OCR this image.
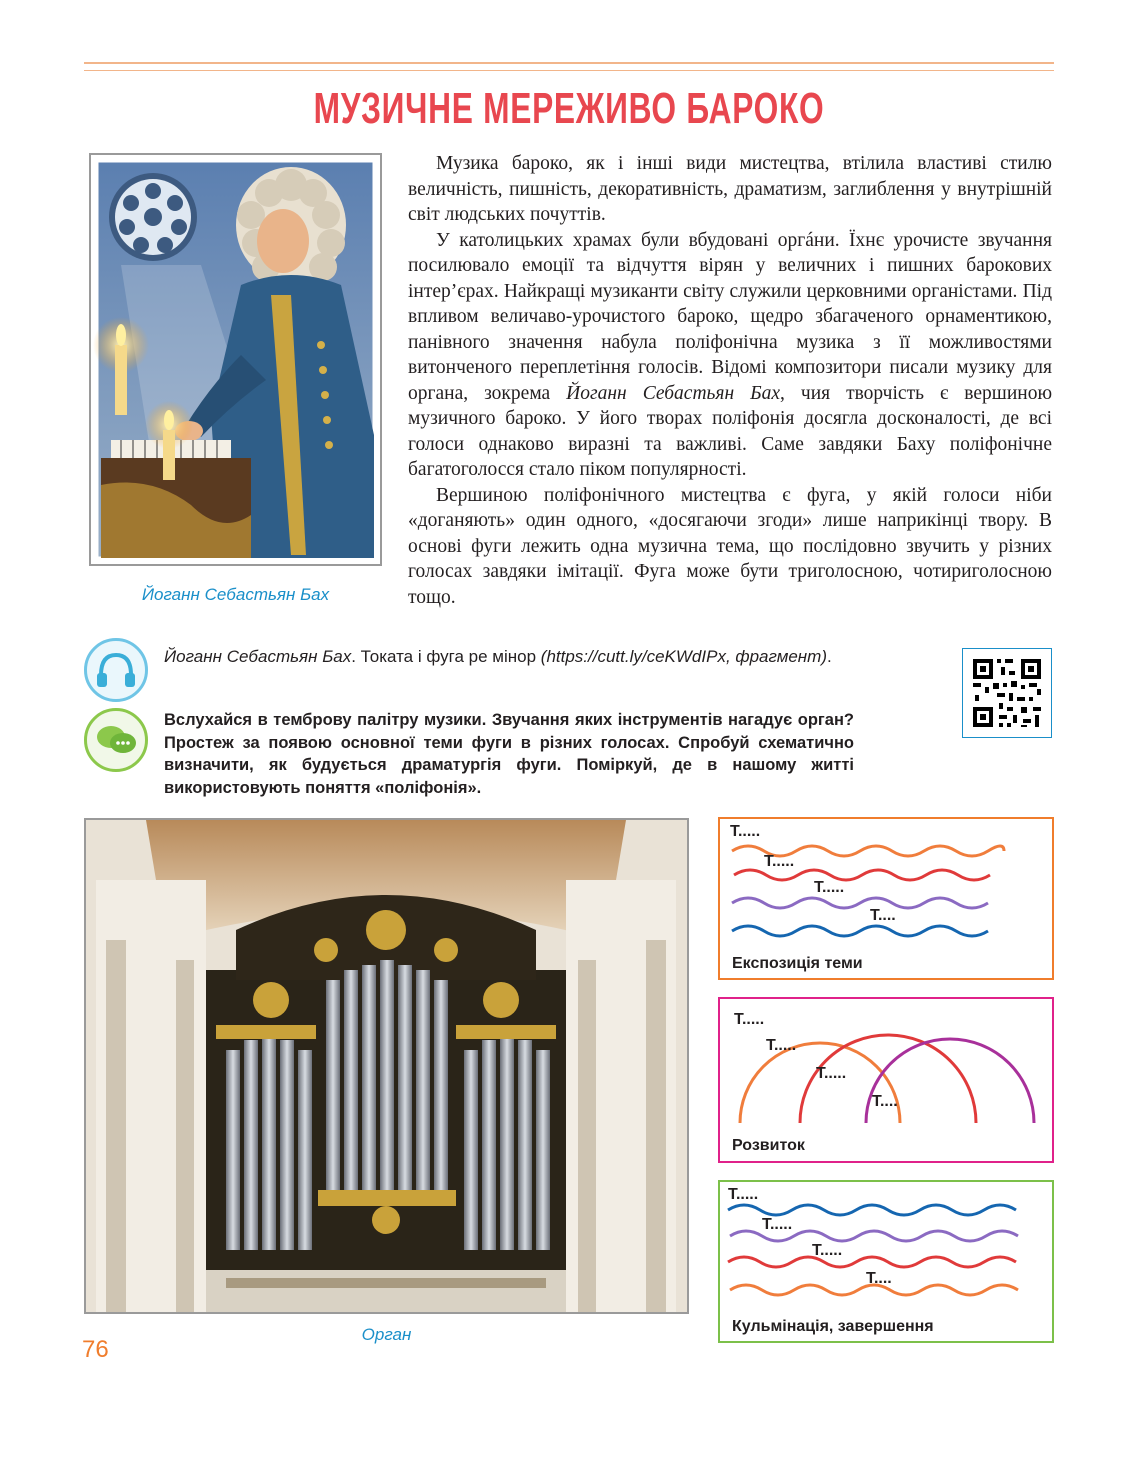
МУЗИЧНЕ МЕРЕЖИВО БАРОКО
Йоганн Себастьян Бах

Музика бароко, як і інші види мистецтва, втілила властиві стилю величність, пишність, декоративність, драматизм, заглиблення у внутрішній світ людських почуттів.

У католицьких храмах були вбудовані оргáни. Їхнє урочисте звучання посилювало емоції та відчуття вірян у величних і пишних барокових інтер’єрах. Найкращі музиканти світу служили церковними органістами. Під впливом величаво-урочистого бароко, щедро збагаченого орнаментикою, панівного значення набула поліфонічна музика з її можливостями витонченого переплетіння голосів. Відомі композитори писали музику для органа, зокрема Йоганн Себастьян Бах, чия творчість є вершиною музичного бароко. У його творах поліфонія досягла досконалості, де всі голоси однаково виразні та важливі. Саме завдяки Баху поліфонічне багатоголосся стало піком популярності.

Вершиною поліфонічного мистецтва є фуга, у якій голоси ніби «доганяють» один одного, «досягаючи згоди» лише наприкінці твору. В основі фуги лежить одна музична тема, що послідовно звучить у різних голосах завдяки імітації. Фуга може бути триголосною, чотириголосною тощо.

Йоганн Себастьян Бах. Токата і фуга ре мінор (https://cutt.ly/ceKWdIPx, фрагмент).
Вслухайся в темброву палітру музики. Звучання яких інструментів нагадує орган? Простеж за появою основної теми фуги в різних голосах. Спробуй схематично визначити, як будується драматургія фуги. Поміркуй, де в нашому житті використовують поняття «поліфонія».
Орган
Т.....
Т.....
Т.....
Т....
Експозиція теми
Т.....
Т.....
Т.....
Т....
Розвиток
Т.....
Т.....
Т.....
Т....
Кульмінація, завершення
76
